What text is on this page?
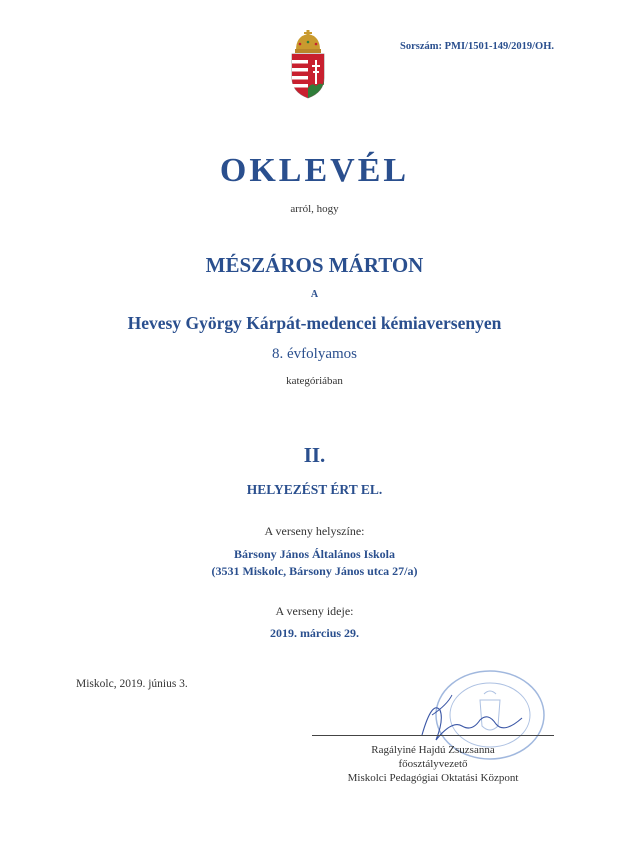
Sorszám: PMI/1501-149/2019/OH.
OKLEVÉL
arról, hogy
MÉSZÁROS MÁRTON
A
Hevesy György Kárpát-medencei kémiaversenyen
8. évfolyamos
kategóriában
II.
HELYEZÉST ÉRT EL.
A verseny helyszíne:
Bársony János Általános Iskola
(3531 Miskolc, Bársony János utca 27/a)
A verseny ideje:
2019. március 29.
Miskolc, 2019. június 3.
Ragályiné Hajdú Zsuzsanna
főosztályvezető
Miskolci Pedagógiai Oktatási Központ
